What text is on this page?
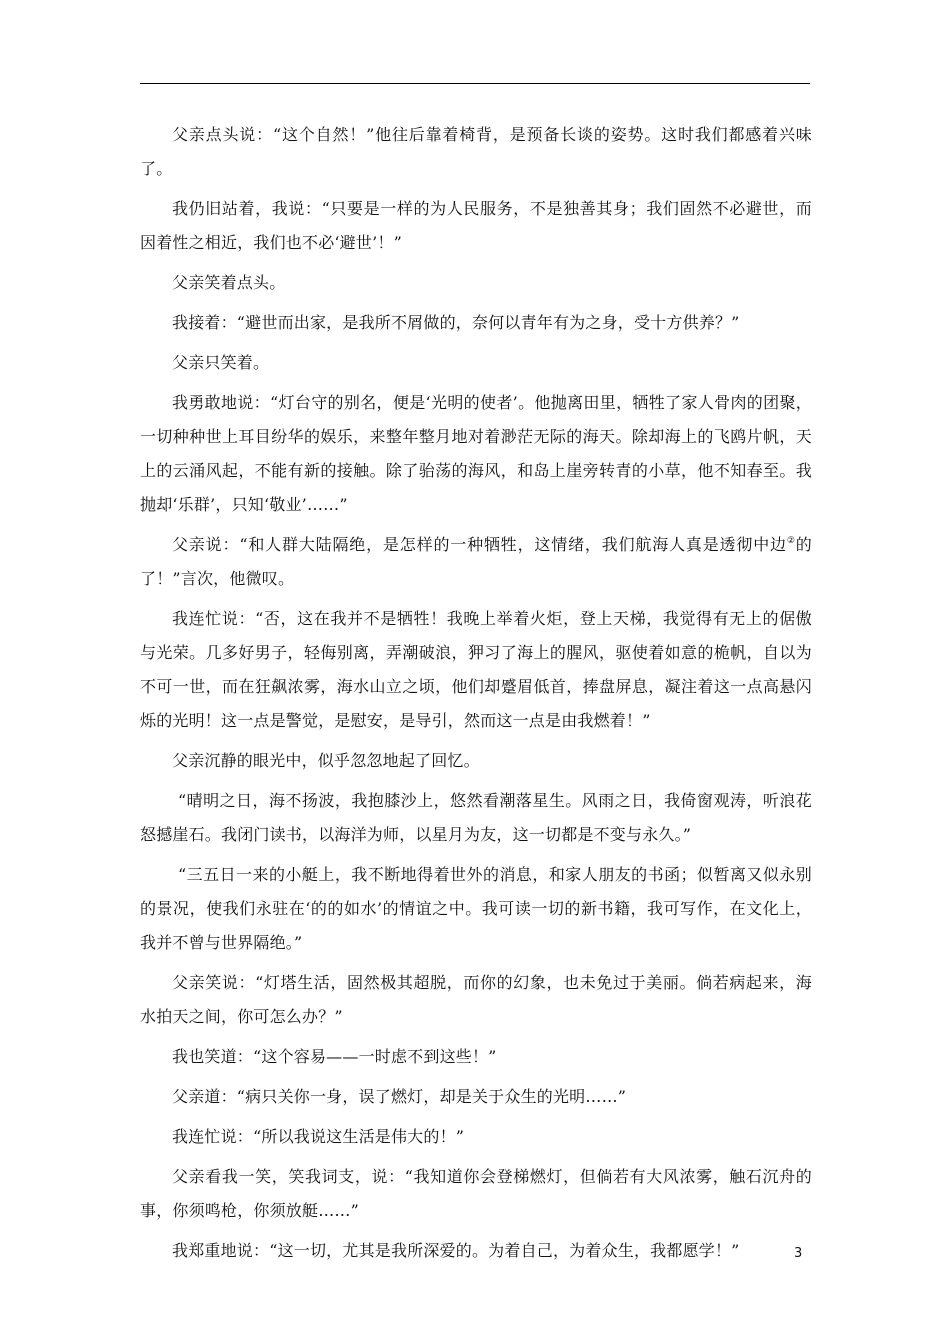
父亲点头说：“这个自然！”他往后靠着椅背，是预备长谈的姿势。这时我们都感着兴味了。

我仍旧站着，我说：“只要是一样的为人民服务，不是独善其身；我们固然不必避世，而因着性之相近，我们也不必‘避世’！”

父亲笑着点头。

我接着：“避世而出家，是我所不屑做的，奈何以青年有为之身，受十方供养？”

父亲只笑着。

我勇敢地说：“灯台守的别名，便是‘光明的使者’。他抛离田里，牺牲了家人骨肉的团聚，一切种种世上耳目纷华的娱乐，来整年整月地对着渺茫无际的海天。除却海上的飞鸥片帆，天上的云涌风起，不能有新的接触。除了骀荡的海风，和岛上崖旁转青的小草，他不知春至。我抛却‘乐群’，只知‘敬业’……”

父亲说：“和人群大陆隔绝，是怎样的一种牺牲，这情绪，我们航海人真是透彻中边②的了！”言次，他微叹。

我连忙说：“否，这在我并不是牺牲！我晚上举着火炬，登上天梯，我觉得有无上的倨傲与光荣。几多好男子，轻侮别离，弄潮破浪，狎习了海上的腥风，驱使着如意的桅帆，自以为不可一世，而在狂飙浓雾，海水山立之顷，他们却蹙眉低首，捧盘屏息，凝注着这一点高悬闪烁的光明！这一点是警觉，是慰安，是导引，然而这一点是由我燃着！”

父亲沉静的眼光中，似乎忽忽地起了回忆。

“晴明之日，海不扬波，我抱膝沙上，悠然看潮落星生。风雨之日，我倚窗观涛，听浪花怒撼崖石。我闭门读书，以海洋为师，以星月为友，这一切都是不变与永久。”

“三五日一来的小艇上，我不断地得着世外的消息，和家人朋友的书函；似暂离又似永别的景况，使我们永驻在‘的的如水’的情谊之中。我可读一切的新书籍，我可写作，在文化上，我并不曾与世界隔绝。”

父亲笑说：“灯塔生活，固然极其超脱，而你的幻象，也未免过于美丽。倘若病起来，海水拍天之间，你可怎么办？”

我也笑道：“这个容易——一时虑不到这些！”

父亲道：“病只关你一身，误了燃灯，却是关于众生的光明……”

我连忙说：“所以我说这生活是伟大的！”

父亲看我一笑，笑我词支，说：“我知道你会登梯燃灯，但倘若有大风浓雾，触石沉舟的事，你须鸣枪，你须放艇……”

我郑重地说：“这一切，尤其是我所深爱的。为着自己，为着众生，我都愿学！”	3
